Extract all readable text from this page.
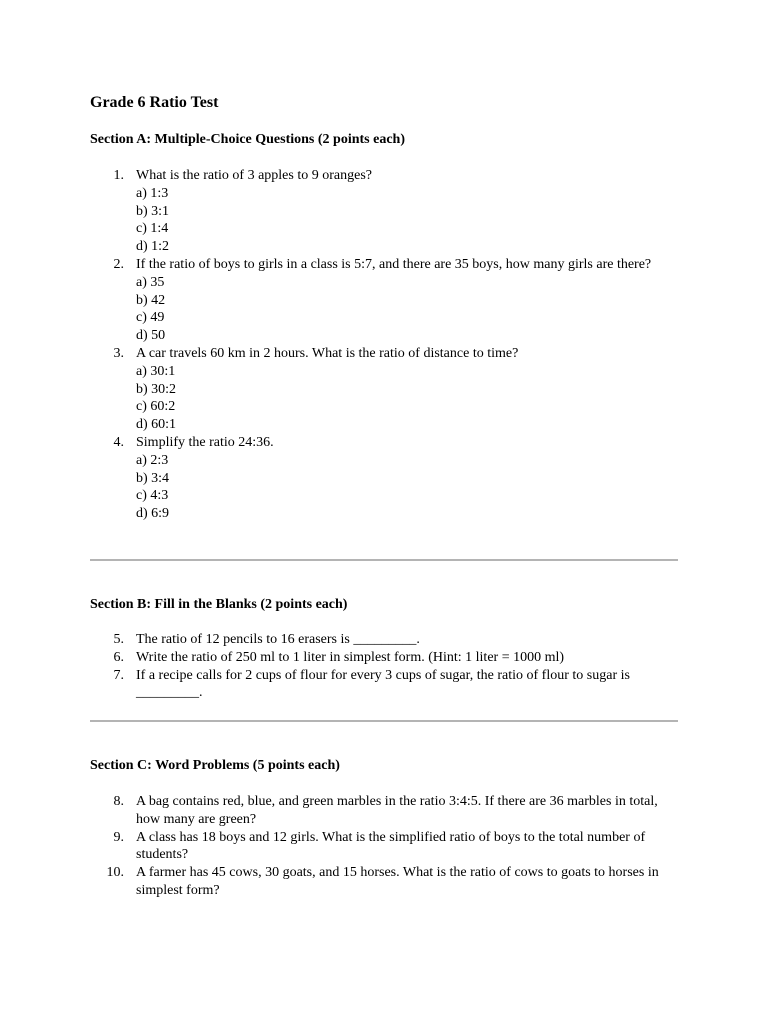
Grade 6 Ratio Test
Section A: Multiple-Choice Questions (2 points each)
1. What is the ratio of 3 apples to 9 oranges?
a) 1:3
b) 3:1
c) 1:4
d) 1:2
2. If the ratio of boys to girls in a class is 5:7, and there are 35 boys, how many girls are there?
a) 35
b) 42
c) 49
d) 50
3. A car travels 60 km in 2 hours. What is the ratio of distance to time?
a) 30:1
b) 30:2
c) 60:2
d) 60:1
4. Simplify the ratio 24:36.
a) 2:3
b) 3:4
c) 4:3
d) 6:9
Section B: Fill in the Blanks (2 points each)
5. The ratio of 12 pencils to 16 erasers is _________.
6. Write the ratio of 250 ml to 1 liter in simplest form. (Hint: 1 liter = 1000 ml)
7. If a recipe calls for 2 cups of flour for every 3 cups of sugar, the ratio of flour to sugar is _________.
Section C: Word Problems (5 points each)
8. A bag contains red, blue, and green marbles in the ratio 3:4:5. If there are 36 marbles in total, how many are green?
9. A class has 18 boys and 12 girls. What is the simplified ratio of boys to the total number of students?
10. A farmer has 45 cows, 30 goats, and 15 horses. What is the ratio of cows to goats to horses in simplest form?
